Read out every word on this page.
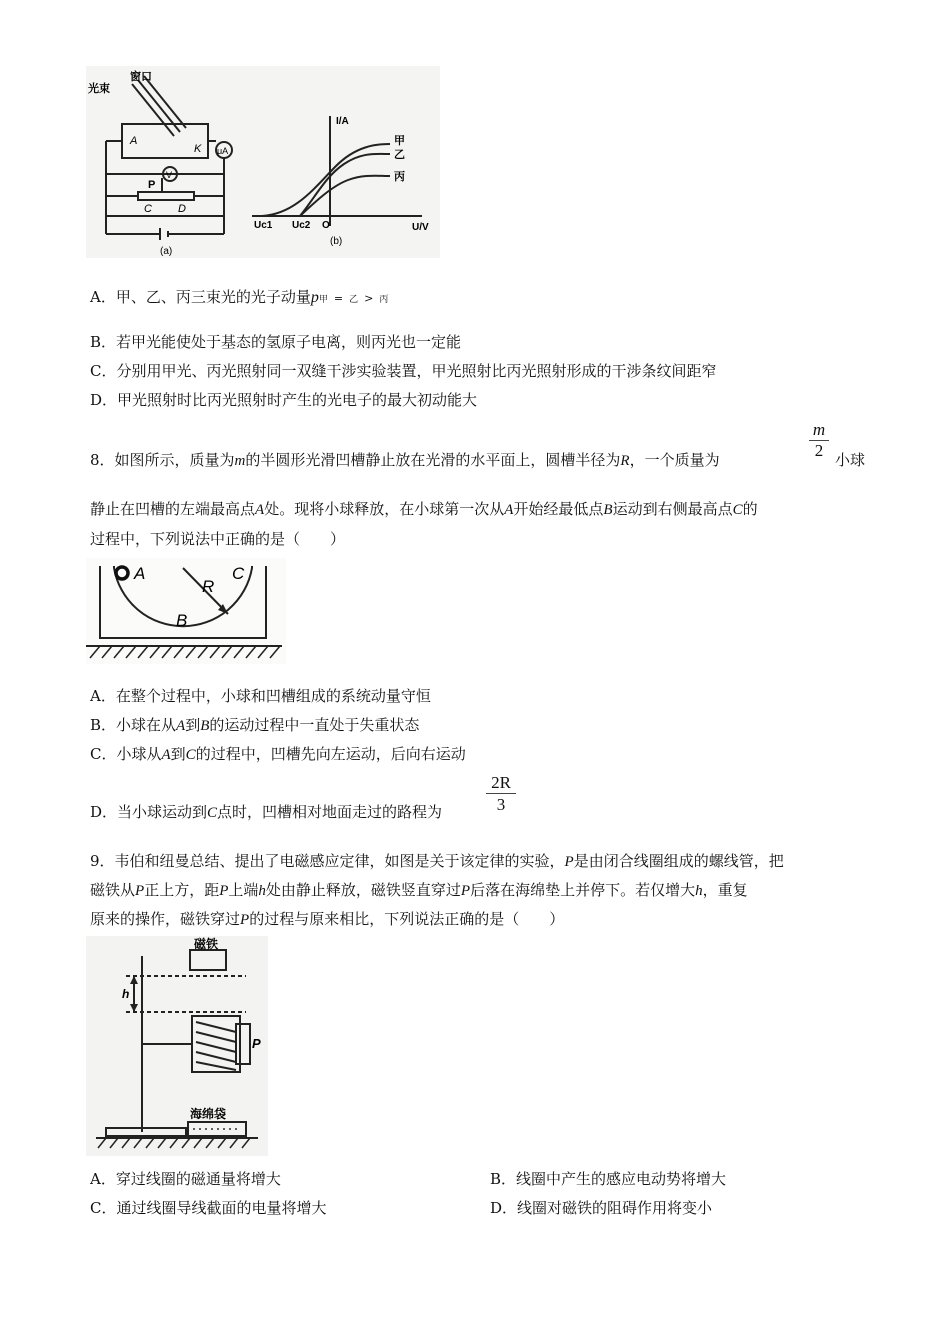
窗口
光束
A
K μA
V
P
C D
(a)
I/A
U/V
O
Uc1 Uc2
甲
乙
丙
(b)
A．甲、乙、丙三束光的光子动量p甲 = 乙 > 丙
B．若甲光能使处于基态的氢原子电离，则丙光也一定能
C．分别用甲光、丙光照射同一双缝干涉实验装置，甲光照射比丙光照射形成的干涉条纹间距窄
D．甲光照射时比丙光照射时产生的光电子的最大初动能大
8．如图所示，质量为m的半圆形光滑凹槽静止放在光滑的水平面上，圆槽半径为R，一个质量为
m
2 小球
静止在凹槽的左端最高点A处。现将小球释放，在小球第一次从A开始经最低点B运动到右侧最高点C的
过程中，下列说法中正确的是（　　）
A	C
R
B
A．在整个过程中，小球和凹槽组成的系统动量守恒
B．小球在从A到B的运动过程中一直处于失重状态
C．小球从A到C的过程中，凹槽先向左运动，后向右运动
D．当小球运动到C点时，凹槽相对地面走过的路程为
2R
3
9．韦伯和纽曼总结、提出了电磁感应定律，如图是关于该定律的实验，P是由闭合线圈组成的螺线管，把
磁铁从P正上方，距P上端h处由静止释放，磁铁竖直穿过P后落在海绵垫上并停下。若仅增大h，重复
原来的操作，磁铁穿过P的过程与原来相比，下列说法正确的是（　　）
磁铁
h
P
海绵袋
A．穿过线圈的磁通量将增大	B．线圈中产生的感应电动势将增大
C．通过线圈导线截面的电量将增大	D．线圈对磁铁的阻碍作用将变小
